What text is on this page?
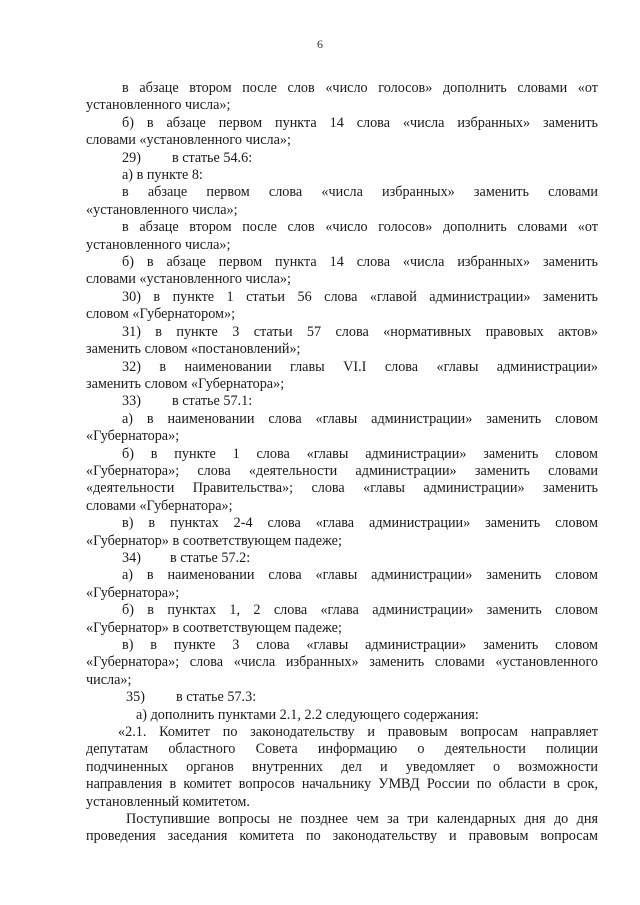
6

в абзаце втором после слов «число голосов» дополнить словами «от

установленного числа»;

б) в абзаце первом пункта 14 слова «числа избранных» заменить

словами «установленного числа»;

29) в статье 54.6:

а) в пункте 8:

в абзаце первом слова «числа избранных» заменить словами

«установленного числа»;

в абзаце втором после слов «число голосов» дополнить словами «от

установленного числа»;

б) в абзаце первом пункта 14 слова «числа избранных» заменить

словами «установленного числа»;

30) в пункте 1 статьи 56 слова «главой администрации» заменить

словом «Губернатором»;

31) в пункте 3 статьи 57 слова «нормативных правовых актов»

заменить словом «постановлений»;

32) в наименовании главы VI.I слова «главы администрации»

заменить словом «Губернатора»;

33) в статье 57.1:

а) в наименовании слова «главы администрации» заменить словом

«Губернатора»;

б) в пункте 1 слова «главы администрации» заменить словом

«Губернатора»; слова «деятельности администрации» заменить словами

«деятельности Правительства»; слова «главы администрации» заменить

словами «Губернатора»;

в) в пунктах 2-4 слова «глава администрации» заменить словом

«Губернатор» в соответствующем падеже;

34) в статье 57.2:

а) в наименовании слова «главы администрации» заменить словом

«Губернатора»;

б) в пунктах 1, 2 слова «глава администрации» заменить словом

«Губернатор» в соответствующем падеже;

в) в пункте 3 слова «главы администрации» заменить словом

«Губернатора»; слова «числа избранных» заменить словами «установленного

числа»;

35) в статье 57.3:

а) дополнить пунктами 2.1, 2.2 следующего содержания:

«2.1. Комитет по законодательству и правовым вопросам направляет

депутатам областного Совета информацию о деятельности полиции

подчиненных органов внутренних дел и уведомляет о возможности

направления в комитет вопросов начальнику УМВД России по области в срок,

установленный комитетом.

Поступившие вопросы не позднее чем за три календарных дня до дня

проведения заседания комитета по законодательству и правовым вопросам
